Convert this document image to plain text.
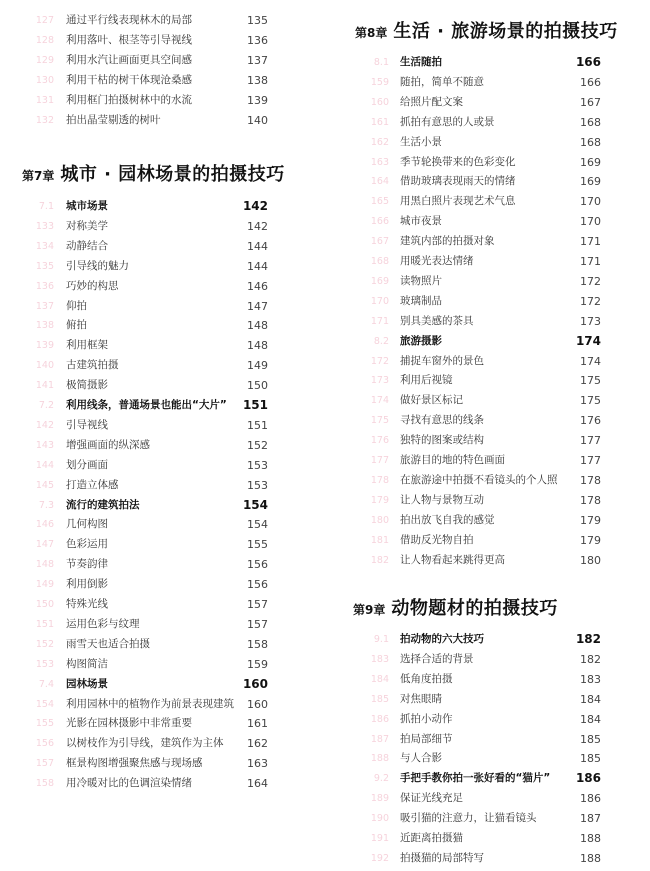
127 通过平行线表现林木的局部	135
128 利用落叶、根茎等引导视线	136
129 利用水汽让画面更具空间感	137
130 利用干枯的树干体现沧桑感	138
131 利用框门拍摄树林中的水流	139
132 拍出晶莹剔透的树叶	140
第7章 城市 · 园林场景的拍摄技巧
7.1 城市场景	142
133 对称美学	142
134 动静结合	144
135 引导线的魅力	144
136 巧妙的构思	146
137 仰拍	147
138 俯拍	148
139 利用框架	148
140 古建筑拍摄	149
141 极简摄影	150
7.2 利用线条，普通场景也能出“大片”	151
142 引导视线	151
143 增强画面的纵深感	152
144 划分画面	153
145 打造立体感	153
7.3 流行的建筑拍法	154
146 几何构图	154
147 色彩运用	155
148 节奏韵律	156
149 利用倒影	156
150 特殊光线	157
151 运用色彩与纹理	157
152 雨雪天也适合拍摄	158
153 构图简洁	159
7.4 园林场景	160
154 利用园林中的植物作为前景表现建筑	160
155 光影在园林摄影中非常重要	161
156 以树枝作为引导线，建筑作为主体	162
157 框景构图增强聚焦感与现场感	163
158 用冷暖对比的色调渲染情绪	164
第8章 生活 · 旅游场景的拍摄技巧
8.1 生活随拍	166
159 随拍，简单不随意	166
160 给照片配文案	167
161 抓拍有意思的人或景	168
162 生活小景	168
163 季节轮换带来的色彩变化	169
164 借助玻璃表现雨天的情绪	169
165 用黑白照片表现艺术气息	170
166 城市夜景	170
167 建筑内部的拍摄对象	171
168 用暖光表达情绪	171
169 读物照片	172
170 玻璃制品	172
171 别具美感的茶具	173
8.2 旅游摄影	174
172 捕捉车窗外的景色	174
173 利用后视镜	175
174 做好景区标记	175
175 寻找有意思的线条	176
176 独特的图案或结构	177
177 旅游目的地的特色画面	177
178 在旅游途中拍摄不看镜头的个人照	178
179 让人物与景物互动	178
180 拍出放飞自我的感觉	179
181 借助反光物自拍	179
182 让人物看起来跳得更高	180
第9章 动物题材的拍摄技巧
9.1 拍动物的六大技巧	182
183 选择合适的背景	182
184 低角度拍摄	183
185 对焦眼睛	184
186 抓拍小动作	184
187 拍局部细节	185
188 与人合影	185
9.2 手把手教你拍一张好看的“猫片”	186
189 保证光线充足	186
190 吸引猫的注意力，让猫看镜头	187
191 近距离拍摄猫	188
192 拍摄猫的局部特写	188
